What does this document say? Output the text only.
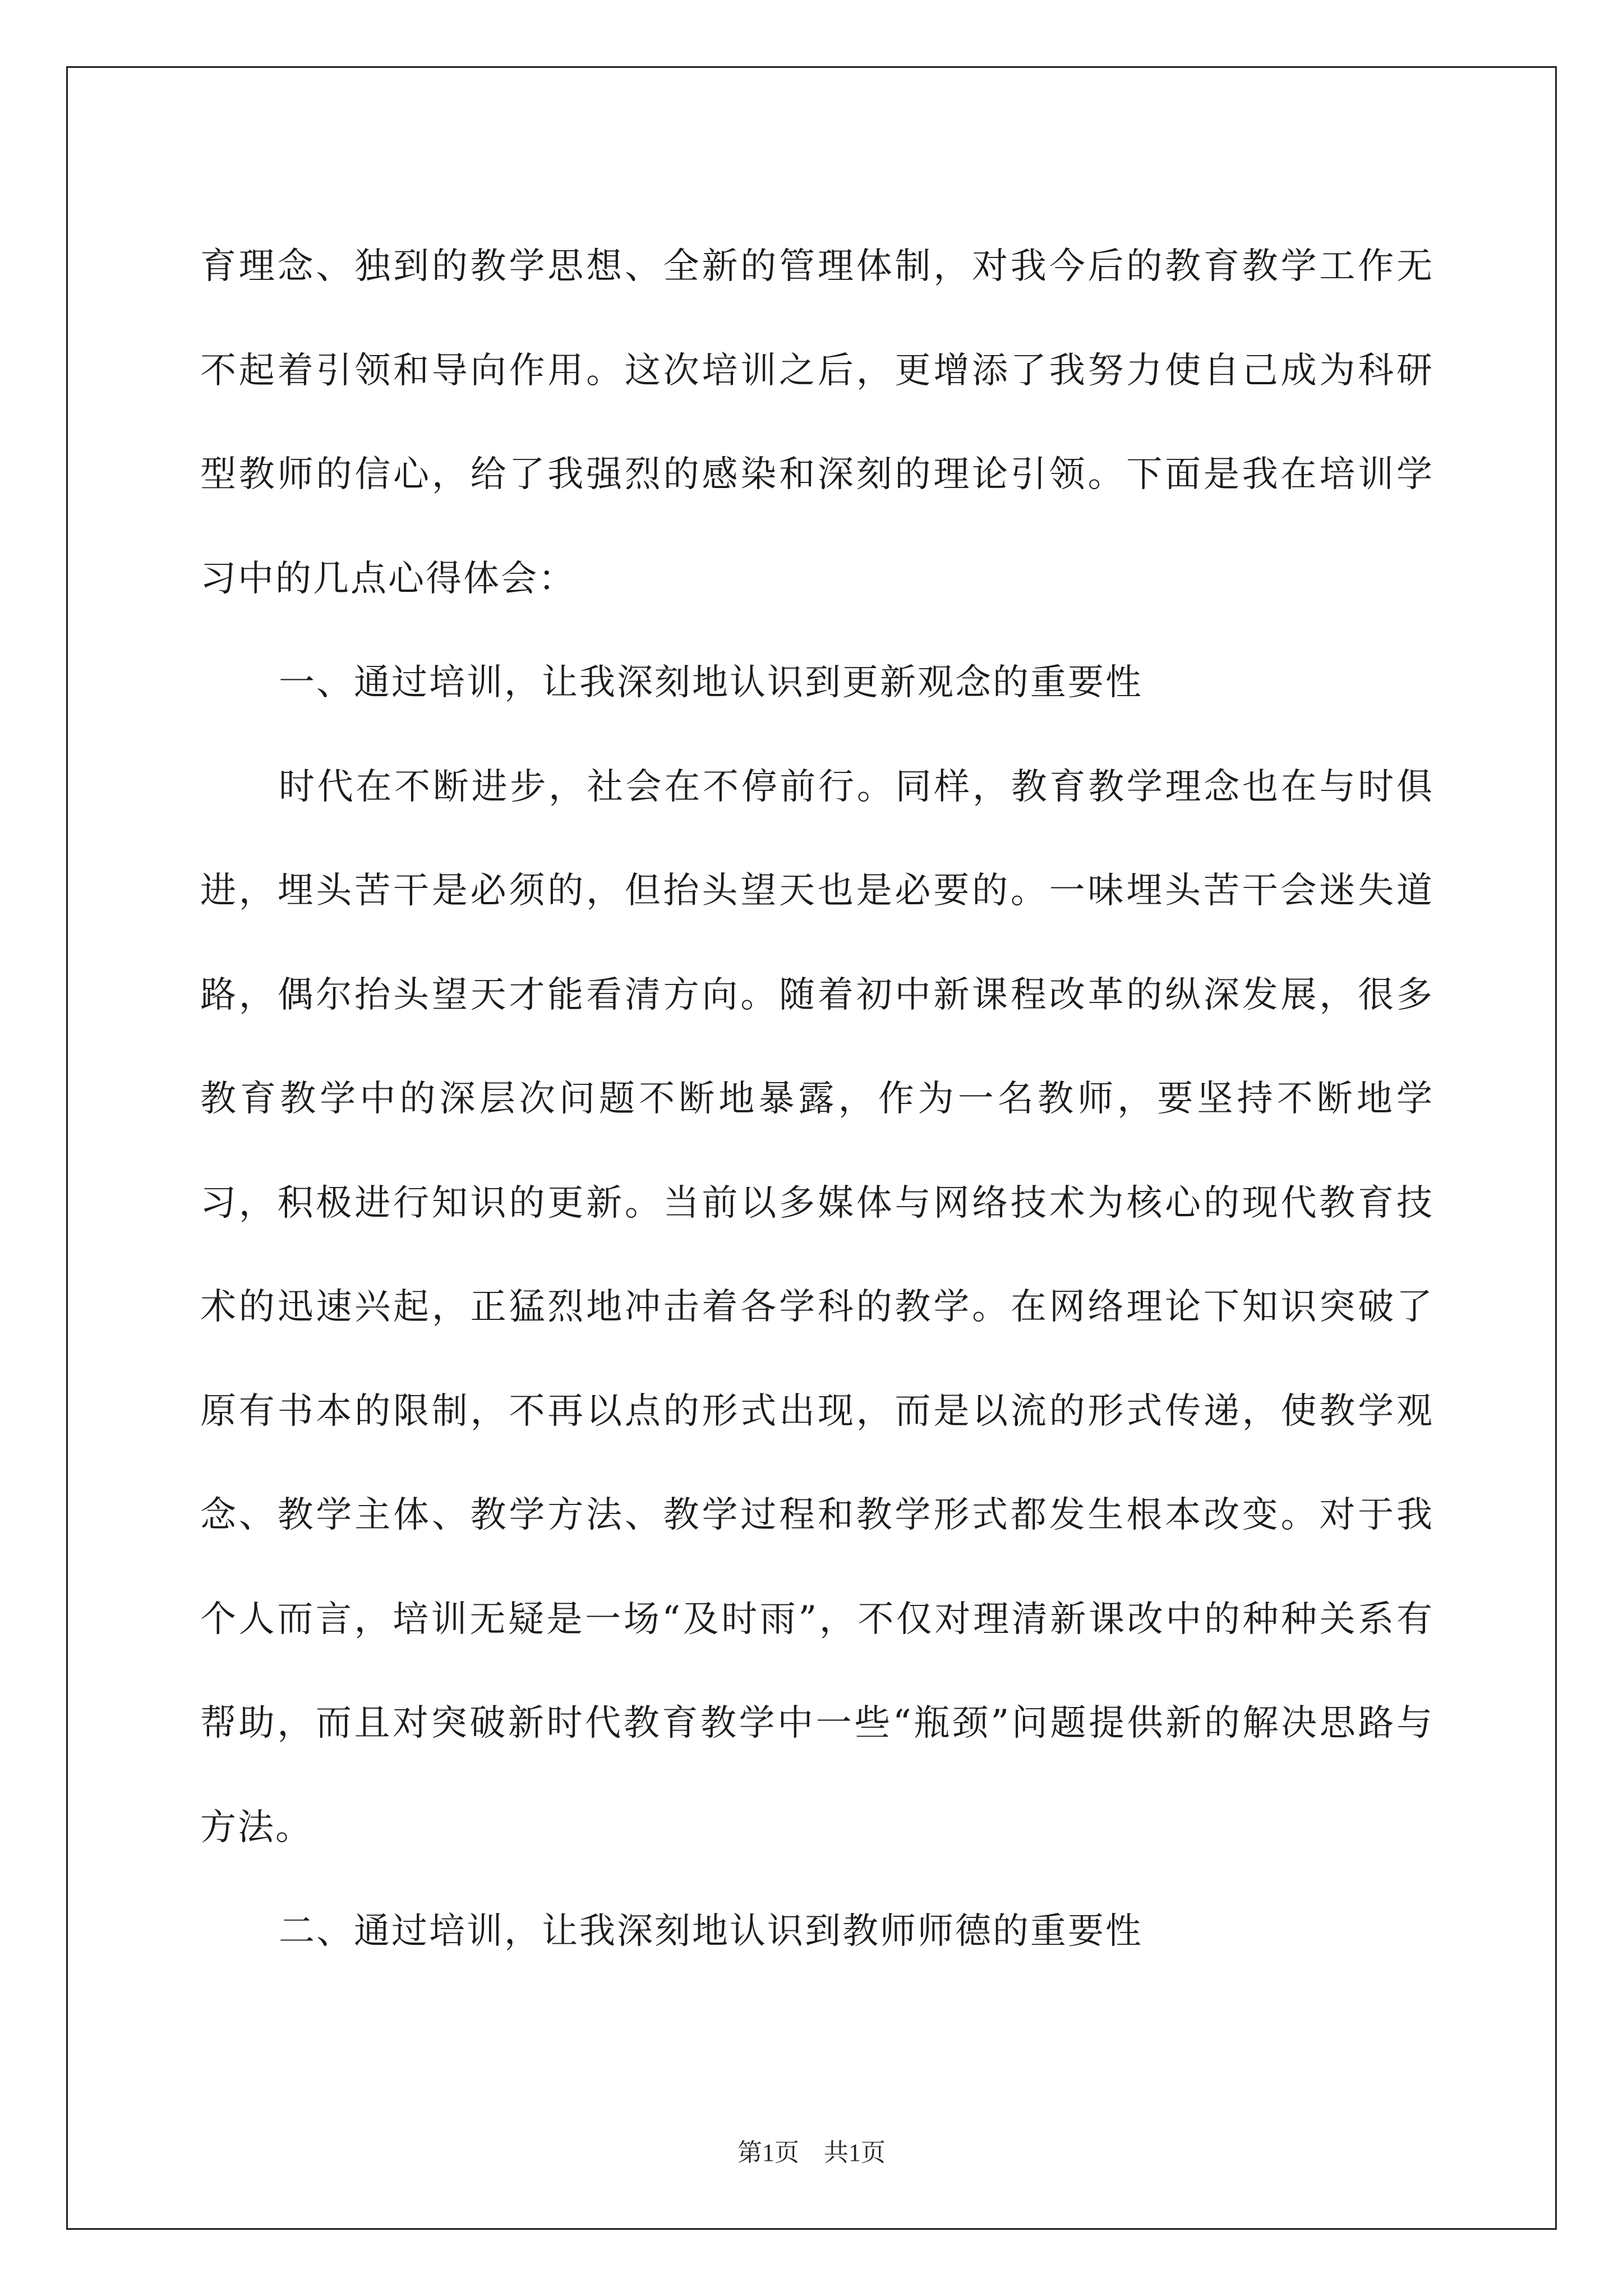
育理念、独到的教学思想、全新的管理体制，对我今后的教育教学工作无不起着引领和导向作用。这次培训之后，更增添了我努力使自己成为科研型教师的信心，给了我强烈的感染和深刻的理论引领。下面是我在培训学习中的几点心得体会：

一、通过培训，让我深刻地认识到更新观念的重要性

时代在不断进步，社会在不停前行。同样，教育教学理念也在与时俱进，埋头苦干是必须的，但抬头望天也是必要的。一味埋头苦干会迷失道路，偶尔抬头望天才能看清方向。随着初中新课程改革的纵深发展，很多教育教学中的深层次问题不断地暴露，作为一名教师，要坚持不断地学习，积极进行知识的更新。当前以多媒体与网络技术为核心的现代教育技术的迅速兴起，正猛烈地冲击着各学科的教学。在网络理论下知识突破了原有书本的限制，不再以点的形式出现，而是以流的形式传递，使教学观念、教学主体、教学方法、教学过程和教学形式都发生根本改变。对于我个人而言，培训无疑是一场“及时雨”，不仅对理清新课改中的种种关系有帮助，而且对突破新时代教育教学中一些“瓶颈”问题提供新的解决思路与方法。

二、通过培训，让我深刻地认识到教师师德的重要性

第1页 共1页
